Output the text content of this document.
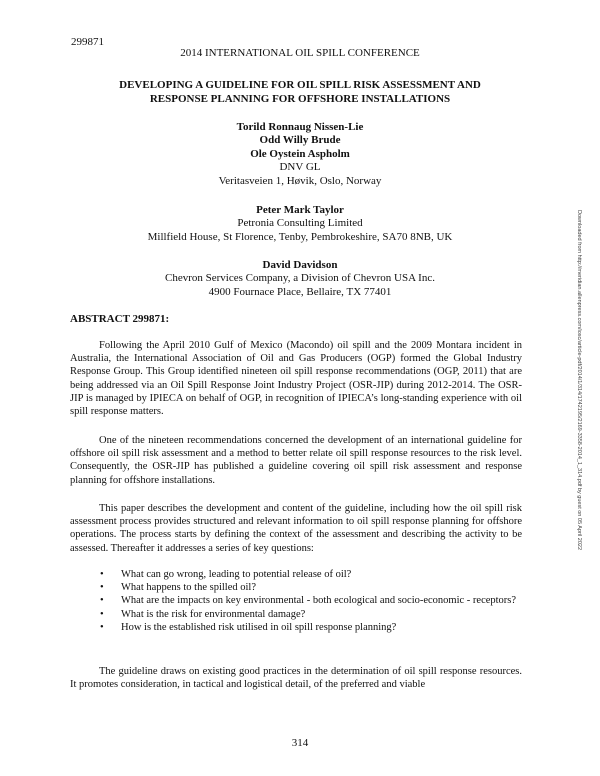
299871
2014 INTERNATIONAL OIL SPILL CONFERENCE
DEVELOPING A GUIDELINE FOR OIL SPILL RISK ASSESSMENT AND
RESPONSE PLANNING FOR OFFSHORE INSTALLATIONS
Torild Ronnaug Nissen-Lie
Odd Willy Brude
Ole Oystein Aspholm
DNV GL
Veritasveien 1, Høvik, Oslo, Norway
Peter Mark Taylor
Petronia Consulting Limited
Millfield House, St Florence, Tenby, Pembrokeshire, SA70 8NB, UK
David Davidson
Chevron Services Company, a Division of Chevron USA Inc.
4900 Fournace Place, Bellaire, TX 77401
ABSTRACT 299871:

Following the April 2010 Gulf of Mexico (Macondo) oil spill and the 2009 Montara incident in Australia, the International Association of Oil and Gas Producers (OGP) formed the Global Industry Response Group. This Group identified nineteen oil spill response recommendations (OGP, 2011) that are being addressed via an Oil Spill Response Joint Industry Project (OSR-JIP) during 2012-2014. The OSR-JIP is managed by IPIECA on behalf of OGP, in recognition of IPIECA’s long-standing experience with oil spill response matters.

One of the nineteen recommendations concerned the development of an international guideline for offshore oil spill risk assessment and a method to better relate oil spill response resources to the risk level. Consequently, the OSR-JIP has published a guideline covering oil spill risk assessment and response planning for offshore installations.

This paper describes the development and content of the guideline, including how the oil spill risk assessment process provides structured and relevant information to oil spill response planning for offshore operations. The process starts by defining the context of the assessment and describing the activity to be assessed. Thereafter it addresses a series of key questions:

• What can go wrong, leading to potential release of oil?
• What happens to the spilled oil?
• What are the impacts on key environmental - both ecological and socio-economic - receptors?
• What is the risk for environmental damage?
• How is the established risk utilised in oil spill response planning?

The guideline draws on existing good practices in the determination of oil spill response resources. It promotes consideration, in tactical and logistical detail, of the preferred and viable

314
Downloaded from http://meridian.allenpress.com/iosc/article-pdf/2014/1/314/1742195/2169-3358-2014_1_314.pdf by guest on 05 April 2022
